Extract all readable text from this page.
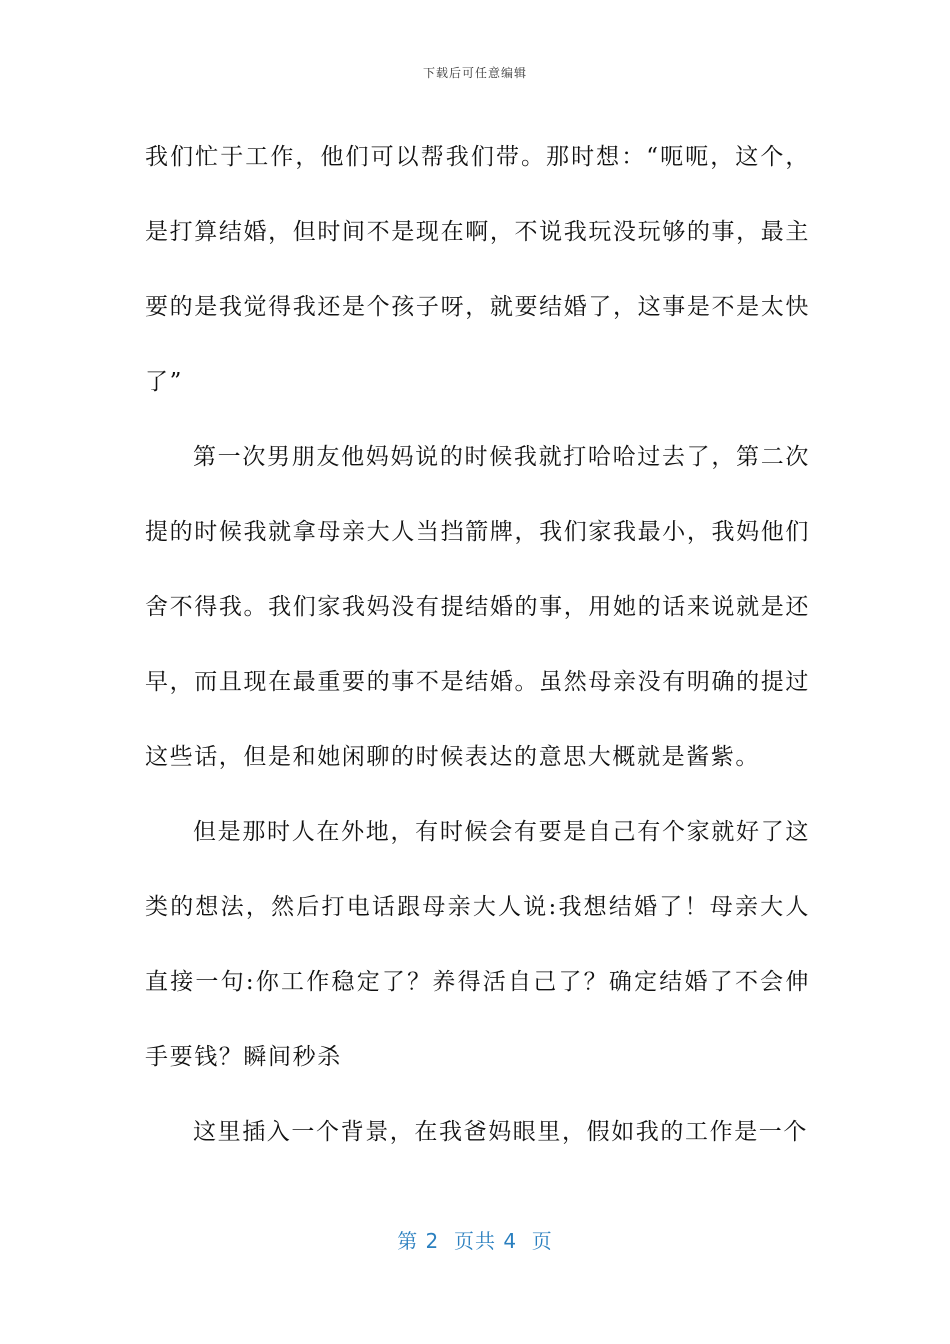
下载后可任意编辑

我们忙于工作，他们可以帮我们带。那时想：“呃呃，这个，是打算结婚，但时间不是现在啊，不说我玩没玩够的事，最主要的是我觉得我还是个孩子呀，就要结婚了，这事是不是太快了”

第一次男朋友他妈妈说的时候我就打哈哈过去了，第二次提的时候我就拿母亲大人当挡箭牌，我们家我最小，我妈他们舍不得我。我们家我妈没有提结婚的事，用她的话来说就是还早，而且现在最重要的事不是结婚。虽然母亲没有明确的提过这些话，但是和她闲聊的时候表达的意思大概就是酱紫。

但是那时人在外地，有时候会有要是自己有个家就好了这类的想法，然后打电话跟母亲大人说:我想结婚了！母亲大人直接一句:你工作稳定了？养得活自己了？确定结婚了不会伸手要钱？瞬间秒杀

这里插入一个背景，在我爸妈眼里，假如我的工作是一个

第 2  页共 4  页
